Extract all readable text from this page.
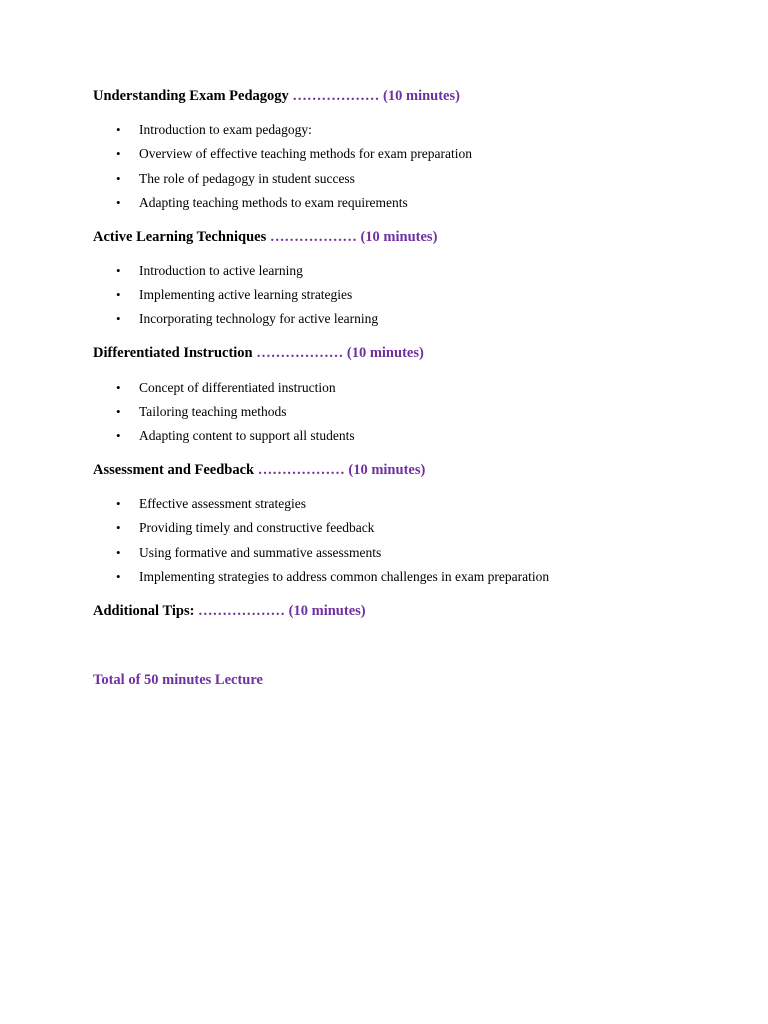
Understanding Exam Pedagogy ……………… (10 minutes)
• Introduction to exam pedagogy:
• Overview of effective teaching methods for exam preparation
• The role of pedagogy in student success
• Adapting teaching methods to exam requirements
Active Learning Techniques ……………… (10 minutes)
• Introduction to active learning
• Implementing active learning strategies
• Incorporating technology for active learning
Differentiated Instruction ……………… (10 minutes)
• Concept of differentiated instruction
• Tailoring teaching methods
• Adapting content to support all students
Assessment and Feedback ……………… (10 minutes)
• Effective assessment strategies
• Providing timely and constructive feedback
• Using formative and summative assessments
• Implementing strategies to address common challenges in exam preparation
Additional Tips: ……………… (10 minutes)
Total of 50 minutes Lecture
